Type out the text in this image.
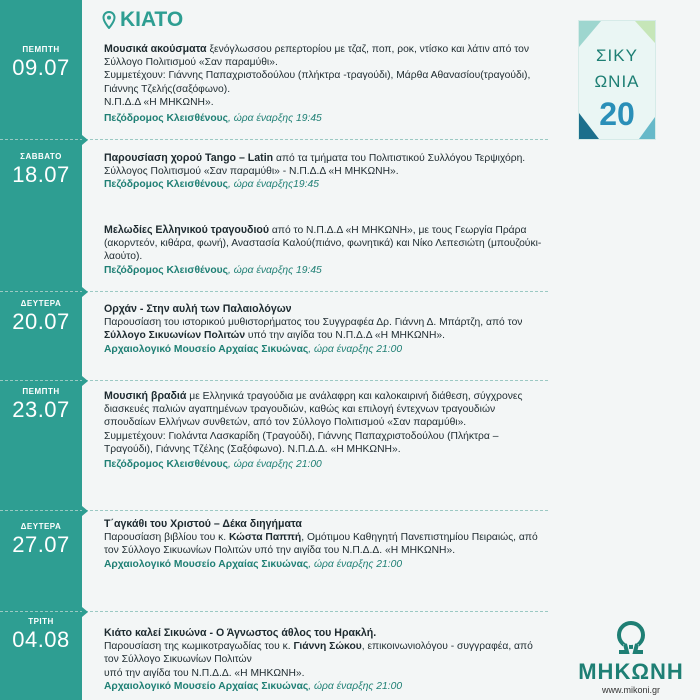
ΠΕΜΠΤΗ
09.07
ΣΑΒΒΑΤΟ
18.07
ΔΕΥΤΕΡΑ
20.07
ΠΕΜΠΤΗ
23.07
ΔΕΥΤΕΡΑ
27.07
ΤΡΙΤΗ
04.08
ΚΙΑΤΟ

Μουσικά ακούσματα ξενόγλωσσου ρεπερτορίου με τζαζ, ποπ, ροκ, ντίσκο και λάτιν από τον Σύλλογο Πολιτισμού «Σαν παραμύθι».

Συμμετέχουν: Γιάννης Παπαχριστοδούλου (πλήκτρα -τραγούδι), Μάρθα Αθανασίου(τραγούδι), Γιάννης Τζελής(σαξόφωνο).

Ν.Π.Δ.Δ «Η ΜΗΚΩΝΗ».

Πεζόδρομος Κλεισθένους, ώρα έναρξης 19:45

Παρουσίαση χορού Tango – Latin από τα τμήματα του Πολιτιστικού Συλλόγου Τερψιχόρη.

Σύλλογος Πολιτισμού «Σαν παραμύθι» - Ν.Π.Δ.Δ «Η ΜΗΚΩΝΗ».

Πεζόδρομος Κλεισθένους, ώρα έναρξης19:45

Μελωδίες Ελληνικού τραγουδιού από το Ν.Π.Δ.Δ «Η ΜΗΚΩΝΗ», με τους Γεωργία Πράρα (ακορντεόν, κιθάρα, φωνή), Αναστασία Καλού(πιάνο, φωνητικά) και Νίκο Λεπεσιώτη (μπουζούκι-λαούτο).

Πεζόδρομος Κλεισθένους, ώρα έναρξης 19:45

Ορχάν - Στην αυλή των Παλαιολόγων

Παρουσίαση του ιστορικού μυθιστορήματος του Συγγραφέα Δρ. Γιάννη Δ. Μπάρτζη, από τον Σύλλογο Σικυωνίων Πολιτών υπό την αιγίδα του Ν.Π.Δ.Δ «Η ΜΗΚΩΝΗ».

Αρχαιολογικό Μουσείο Αρχαίας Σικυώνας, ώρα έναρξης 21:00

Μουσική βραδιά με Ελληνικά τραγούδια με ανάλαφρη και καλοκαιρινή διάθεση, σύγχρονες διασκευές παλιών αγαπημένων τραγουδιών, καθώς και επιλογή έντεχνων τραγουδιών σπουδαίων Ελλήνων συνθετών, από τον Σύλλογο Πολιτισμού «Σαν παραμύθι».

Συμμετέχουν: Γιολάντα Λασκαρίδη (Τραγούδι), Γιάννης Παπαχριστοδούλου (Πλήκτρα – Τραγούδι), Γιάννης Τζέλης (Σαξόφωνο). Ν.Π.Δ.Δ. «Η ΜΗΚΩΝΗ».

Πεζόδρομος Κλεισθένους, ώρα έναρξης 21:00

Τ΄αγκάθι του Χριστού – Δέκα διηγήματα

Παρουσίαση βιβλίου του κ. Κώστα Παππή, Ομότιμου Καθηγητή Πανεπιστημίου Πειραιώς, από τον Σύλλογο Σικυωνίων Πολιτών υπό την αιγίδα του Ν.Π.Δ.Δ. «Η ΜΗΚΩΝΗ».

Αρχαιολογικό Μουσείο Αρχαίας Σικυώνας, ώρα έναρξης 21:00

Κιάτο καλεί Σικυώνα - Ο Άγνωστος άθλος του Ηρακλή.

Παρουσίαση της κωμικοτραγωδίας του κ. Γιάννη Σώκου, επικοινωνιολόγου - συγγραφέα, από τον Σύλλογο Σικυωνίων Πολιτών

υπό την αιγίδα του Ν.Π.Δ.Δ. «Η ΜΗΚΩΝΗ».

Αρχαιολογικό Μουσείο Αρχαίας Σικυώνας, ώρα έναρξης 21:00

ΣΙΚΥ
ΩΝΙΑ
20
ΜΗΚΩΝΗ
www.mikoni.gr
